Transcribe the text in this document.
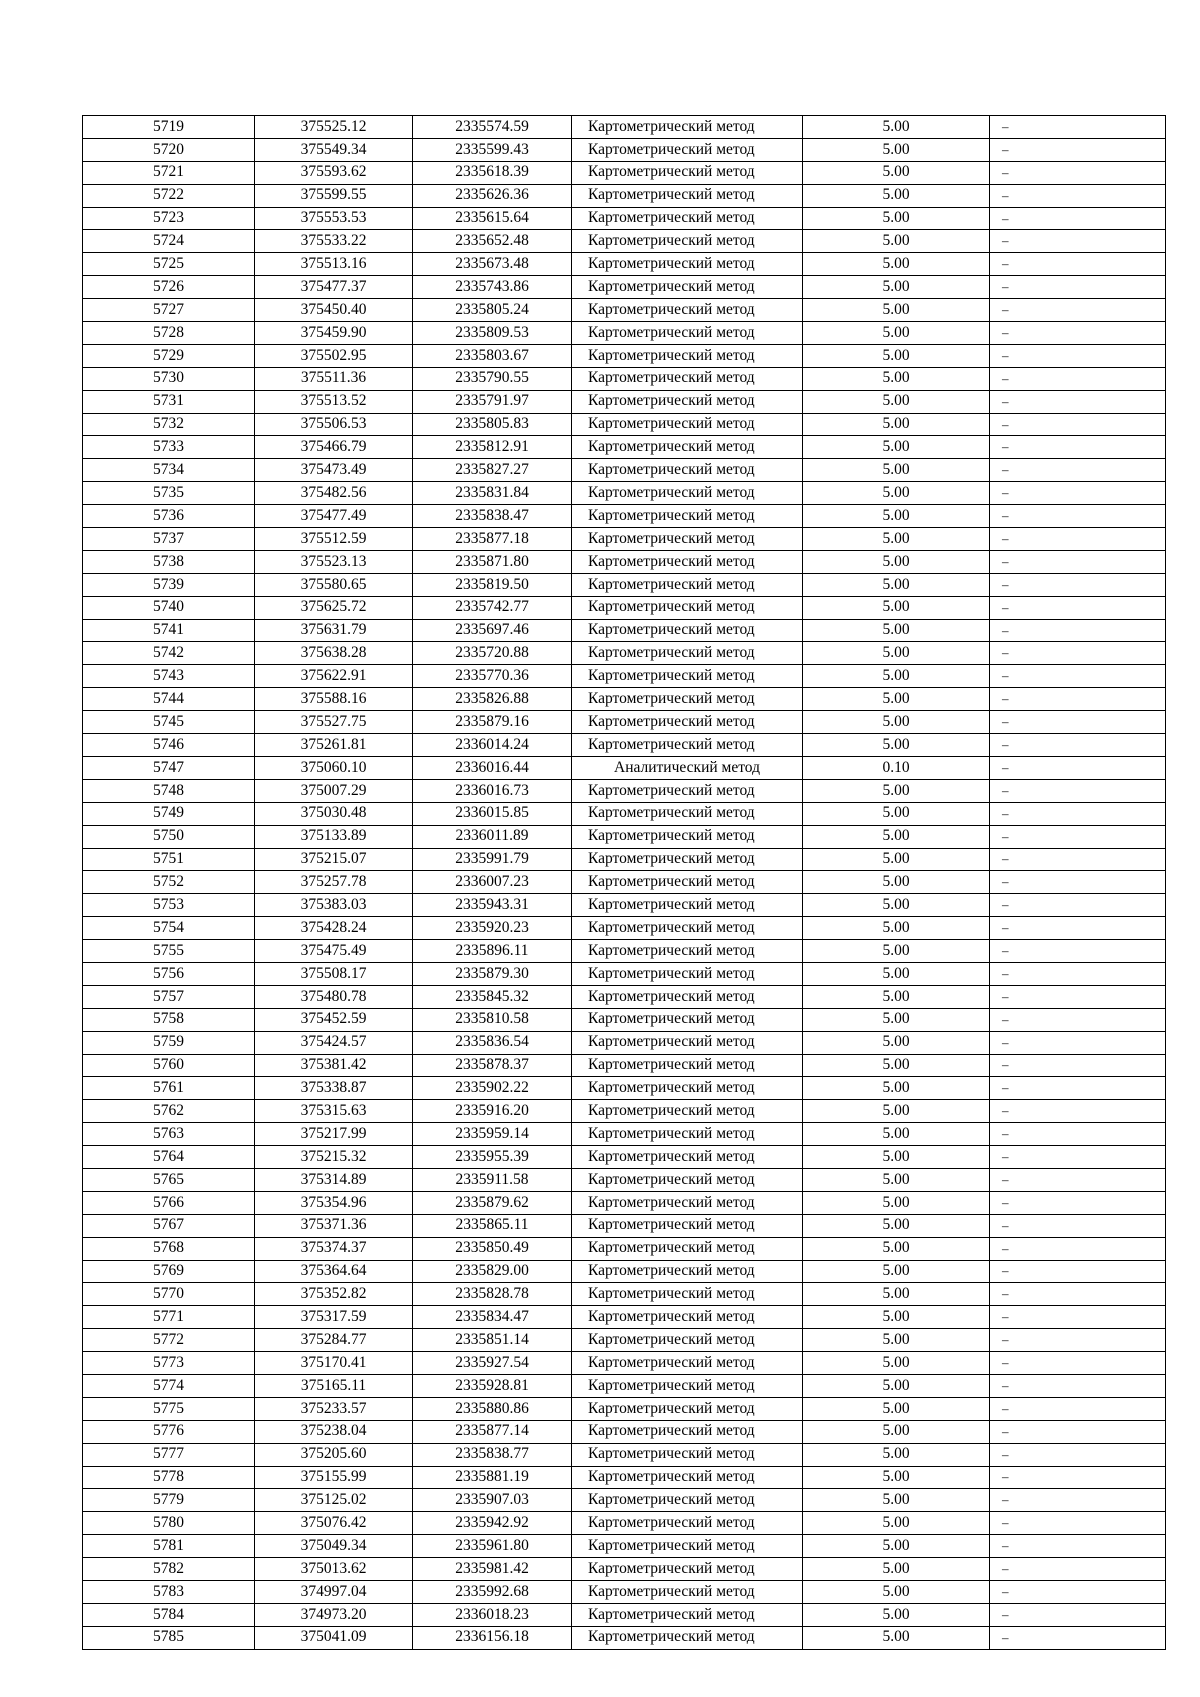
5719	375525.12	2335574.59	Картометрический метод	5.00	–
5720	375549.34	2335599.43	Картометрический метод	5.00	–
5721	375593.62	2335618.39	Картометрический метод	5.00	–
5722	375599.55	2335626.36	Картометрический метод	5.00	–
5723	375553.53	2335615.64	Картометрический метод	5.00	–
5724	375533.22	2335652.48	Картометрический метод	5.00	–
5725	375513.16	2335673.48	Картометрический метод	5.00	–
5726	375477.37	2335743.86	Картометрический метод	5.00	–
5727	375450.40	2335805.24	Картометрический метод	5.00	–
5728	375459.90	2335809.53	Картометрический метод	5.00	–
5729	375502.95	2335803.67	Картометрический метод	5.00	–
5730	375511.36	2335790.55	Картометрический метод	5.00	–
5731	375513.52	2335791.97	Картометрический метод	5.00	–
5732	375506.53	2335805.83	Картометрический метод	5.00	–
5733	375466.79	2335812.91	Картометрический метод	5.00	–
5734	375473.49	2335827.27	Картометрический метод	5.00	–
5735	375482.56	2335831.84	Картометрический метод	5.00	–
5736	375477.49	2335838.47	Картометрический метод	5.00	–
5737	375512.59	2335877.18	Картометрический метод	5.00	–
5738	375523.13	2335871.80	Картометрический метод	5.00	–
5739	375580.65	2335819.50	Картометрический метод	5.00	–
5740	375625.72	2335742.77	Картометрический метод	5.00	–
5741	375631.79	2335697.46	Картометрический метод	5.00	–
5742	375638.28	2335720.88	Картометрический метод	5.00	–
5743	375622.91	2335770.36	Картометрический метод	5.00	–
5744	375588.16	2335826.88	Картометрический метод	5.00	–
5745	375527.75	2335879.16	Картометрический метод	5.00	–
5746	375261.81	2336014.24	Картометрический метод	5.00	–
5747	375060.10	2336016.44	Аналитический метод	0.10	–
5748	375007.29	2336016.73	Картометрический метод	5.00	–
5749	375030.48	2336015.85	Картометрический метод	5.00	–
5750	375133.89	2336011.89	Картометрический метод	5.00	–
5751	375215.07	2335991.79	Картометрический метод	5.00	–
5752	375257.78	2336007.23	Картометрический метод	5.00	–
5753	375383.03	2335943.31	Картометрический метод	5.00	–
5754	375428.24	2335920.23	Картометрический метод	5.00	–
5755	375475.49	2335896.11	Картометрический метод	5.00	–
5756	375508.17	2335879.30	Картометрический метод	5.00	–
5757	375480.78	2335845.32	Картометрический метод	5.00	–
5758	375452.59	2335810.58	Картометрический метод	5.00	–
5759	375424.57	2335836.54	Картометрический метод	5.00	–
5760	375381.42	2335878.37	Картометрический метод	5.00	–
5761	375338.87	2335902.22	Картометрический метод	5.00	–
5762	375315.63	2335916.20	Картометрический метод	5.00	–
5763	375217.99	2335959.14	Картометрический метод	5.00	–
5764	375215.32	2335955.39	Картометрический метод	5.00	–
5765	375314.89	2335911.58	Картометрический метод	5.00	–
5766	375354.96	2335879.62	Картометрический метод	5.00	–
5767	375371.36	2335865.11	Картометрический метод	5.00	–
5768	375374.37	2335850.49	Картометрический метод	5.00	–
5769	375364.64	2335829.00	Картометрический метод	5.00	–
5770	375352.82	2335828.78	Картометрический метод	5.00	–
5771	375317.59	2335834.47	Картометрический метод	5.00	–
5772	375284.77	2335851.14	Картометрический метод	5.00	–
5773	375170.41	2335927.54	Картометрический метод	5.00	–
5774	375165.11	2335928.81	Картометрический метод	5.00	–
5775	375233.57	2335880.86	Картометрический метод	5.00	–
5776	375238.04	2335877.14	Картометрический метод	5.00	–
5777	375205.60	2335838.77	Картометрический метод	5.00	–
5778	375155.99	2335881.19	Картометрический метод	5.00	–
5779	375125.02	2335907.03	Картометрический метод	5.00	–
5780	375076.42	2335942.92	Картометрический метод	5.00	–
5781	375049.34	2335961.80	Картометрический метод	5.00	–
5782	375013.62	2335981.42	Картометрический метод	5.00	–
5783	374997.04	2335992.68	Картометрический метод	5.00	–
5784	374973.20	2336018.23	Картометрический метод	5.00	–
5785	375041.09	2336156.18	Картометрический метод	5.00	–
